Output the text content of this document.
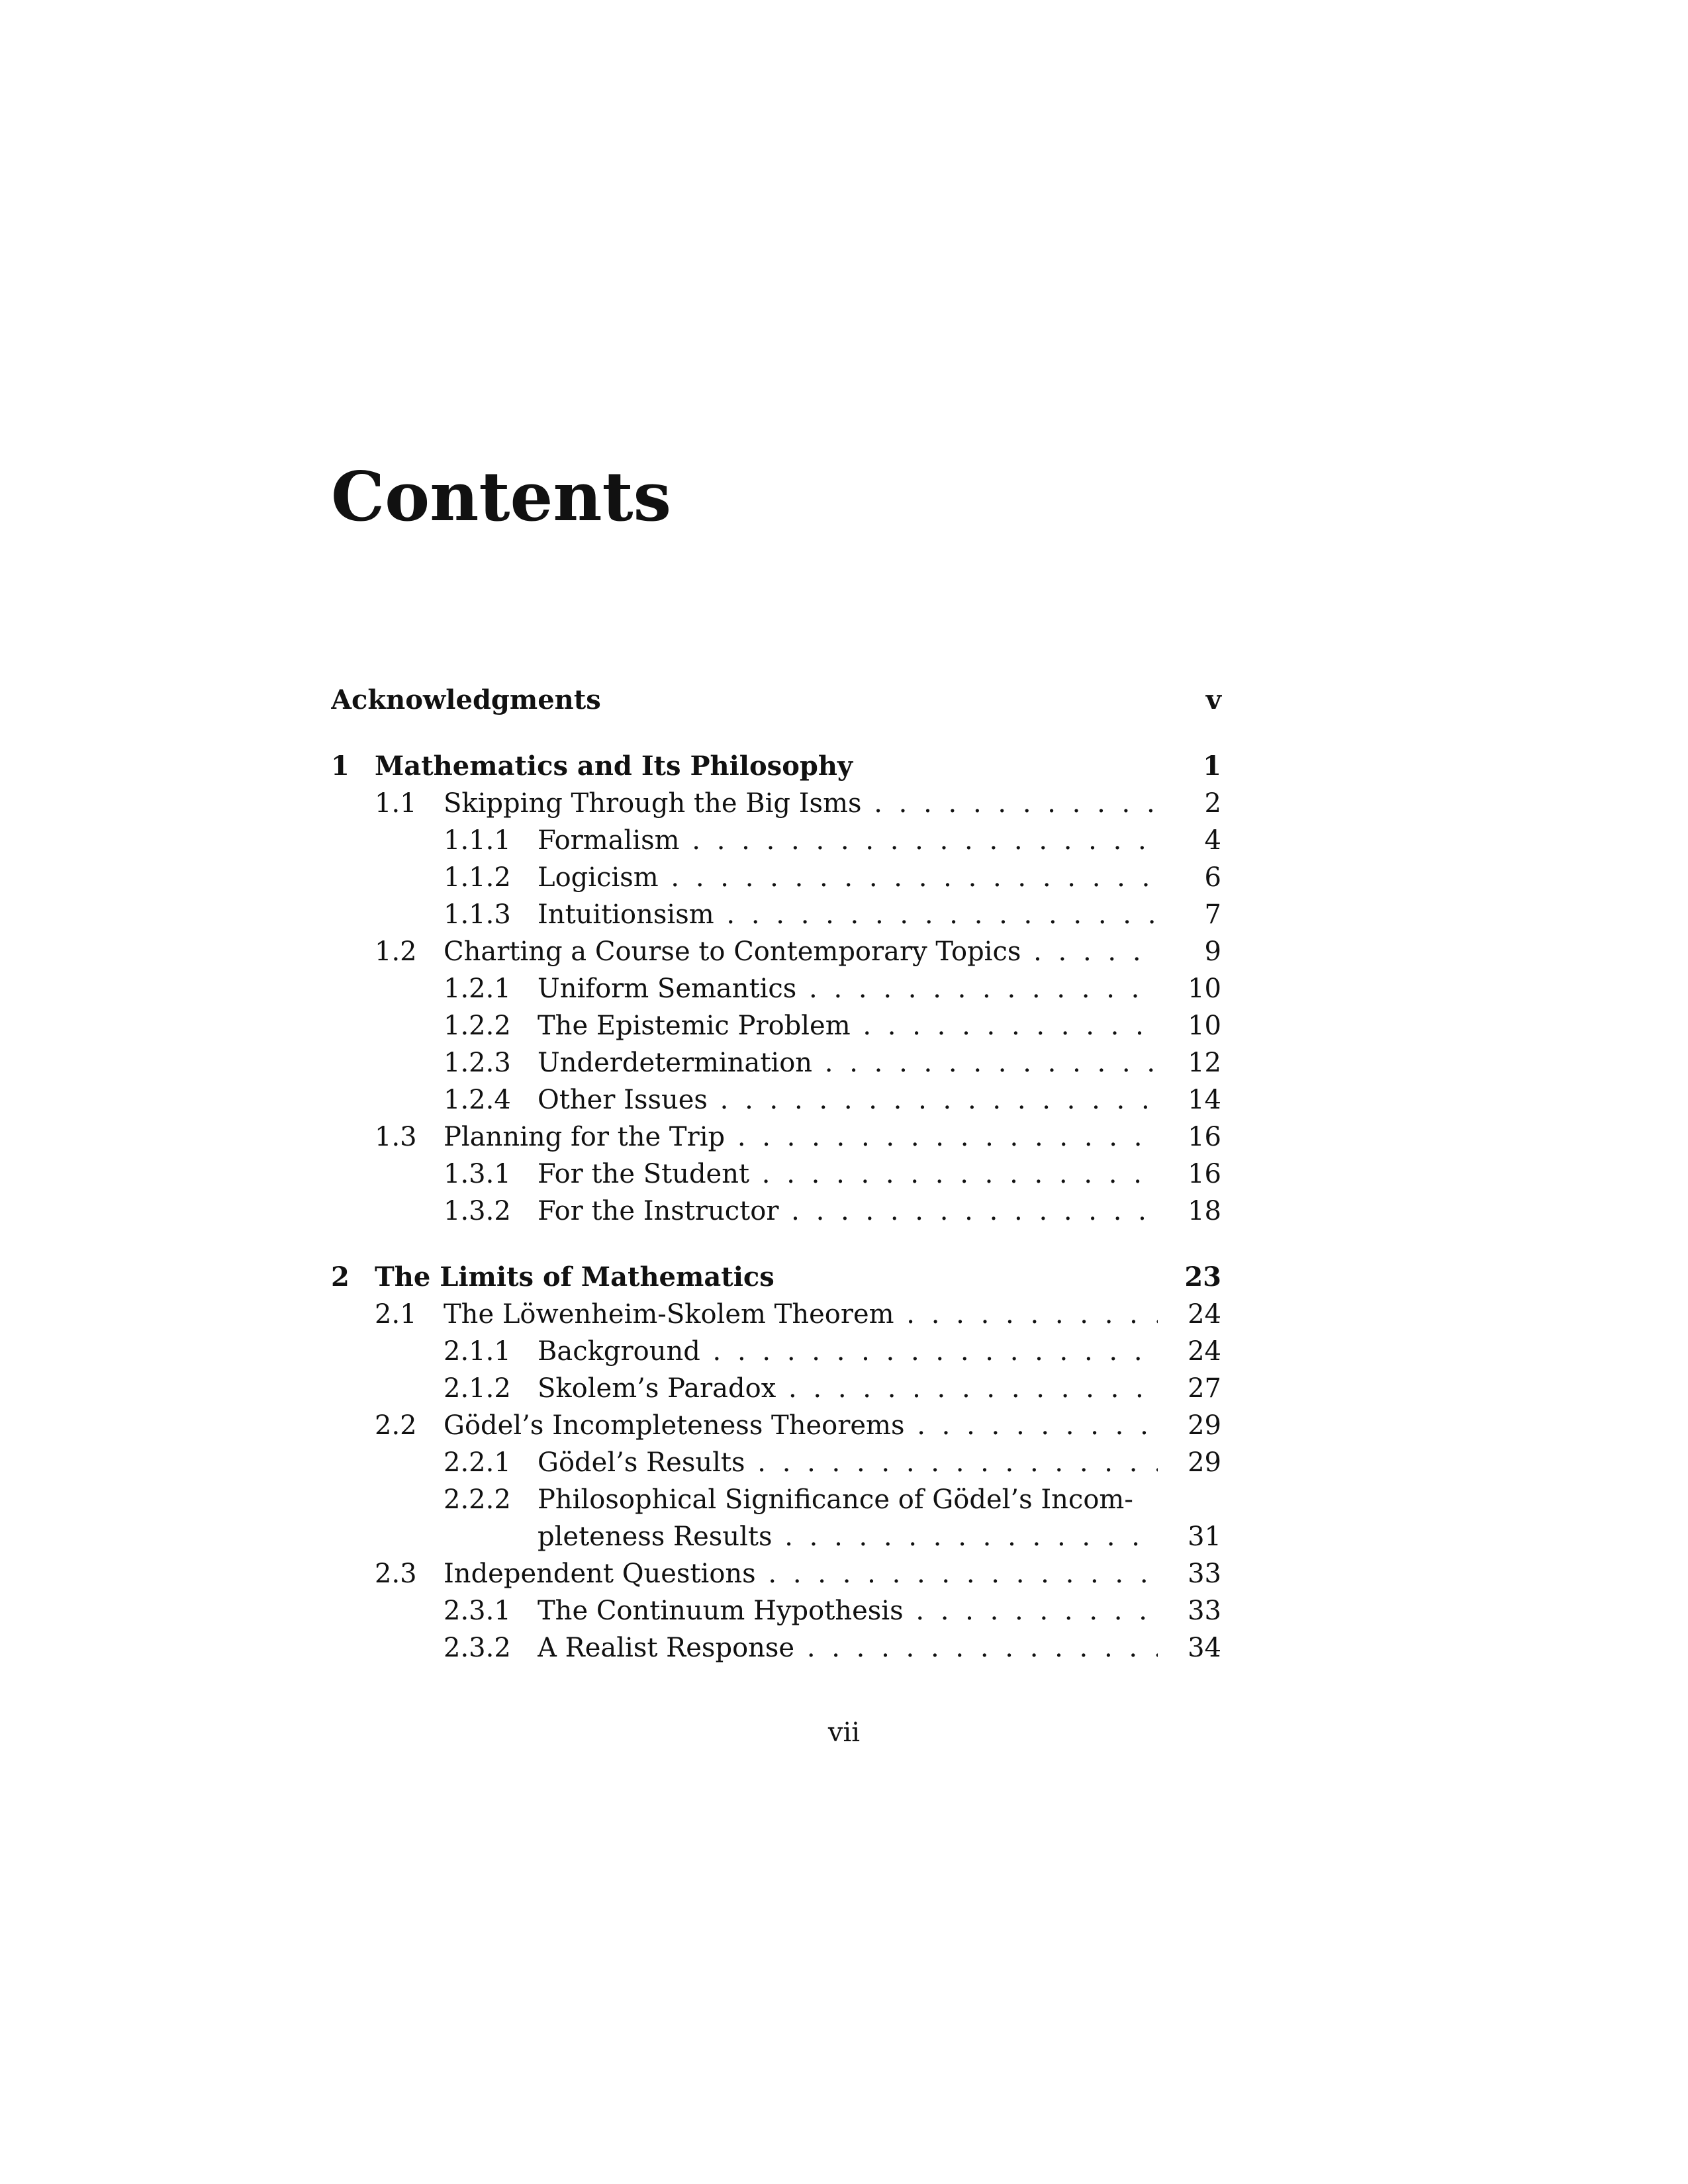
Contents
Acknowledgments	v
1 Mathematics and Its Philosophy	1
1.1 Skipping Through the Big Isms . . .	2
1.1.1 Formalism . . .	4
1.1.2 Logicism . . .	6
1.1.3 Intuitionsism . . .	7
1.2 Charting a Course to Contemporary Topics . . .	9
1.2.1 Uniform Semantics . . .	10
1.2.2 The Epistemic Problem . . .	10
1.2.3 Underdetermination . . .	12
1.2.4 Other Issues . . .	14
1.3 Planning for the Trip . . .	16
1.3.1 For the Student . . .	16
1.3.2 For the Instructor . . .	18
2 The Limits of Mathematics	23
2.1 The Löwenheim-Skolem Theorem . . .	24
2.1.1 Background . . .	24
2.1.2 Skolem’s Paradox . . .	27
2.2 Gödel’s Incompleteness Theorems . . .	29
2.2.1 Gödel’s Results . . .	29
2.2.2 Philosophical Significance of Gödel’s Incom-
pleteness Results . . .	31
2.3 Independent Questions . . .	33
2.3.1 The Continuum Hypothesis . . .	33
2.3.2 A Realist Response . . .	34
vii
